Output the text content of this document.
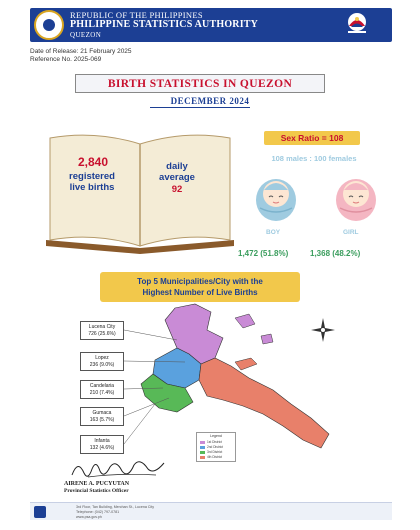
REPUBLIC OF THE PHILIPPINES
PHILIPPINE STATISTICS AUTHORITY
QUEZON
Date of Release: 21 February 2025
Reference No. 2025-069
BIRTH STATISTICS IN QUEZON
DECEMBER 2024
2,840
registered
live births
daily
average
92
Sex Ratio = 108
108 males : 100 females
BOY	GIRL
1,472 (51.8%)	1,368 (48.2%)
Top 5 Municipalities/City with the
Highest Number of Live Births
Lucena City
726 (25.6%)
Lopez
236 (9.0%)
Candelaria
210 (7.4%)
Gumaca
163 (5.7%)
Infanta
132 (4.6%)
Legend
1st District
2nd District
3rd District
4th District
AIRENE A. PUCYUTAN
Provincial Statistics Officer
3rd Floor, Tan Building, Merchan St., Lucena City
Telephone: (042) 797-0781
www.psa.gov.ph
